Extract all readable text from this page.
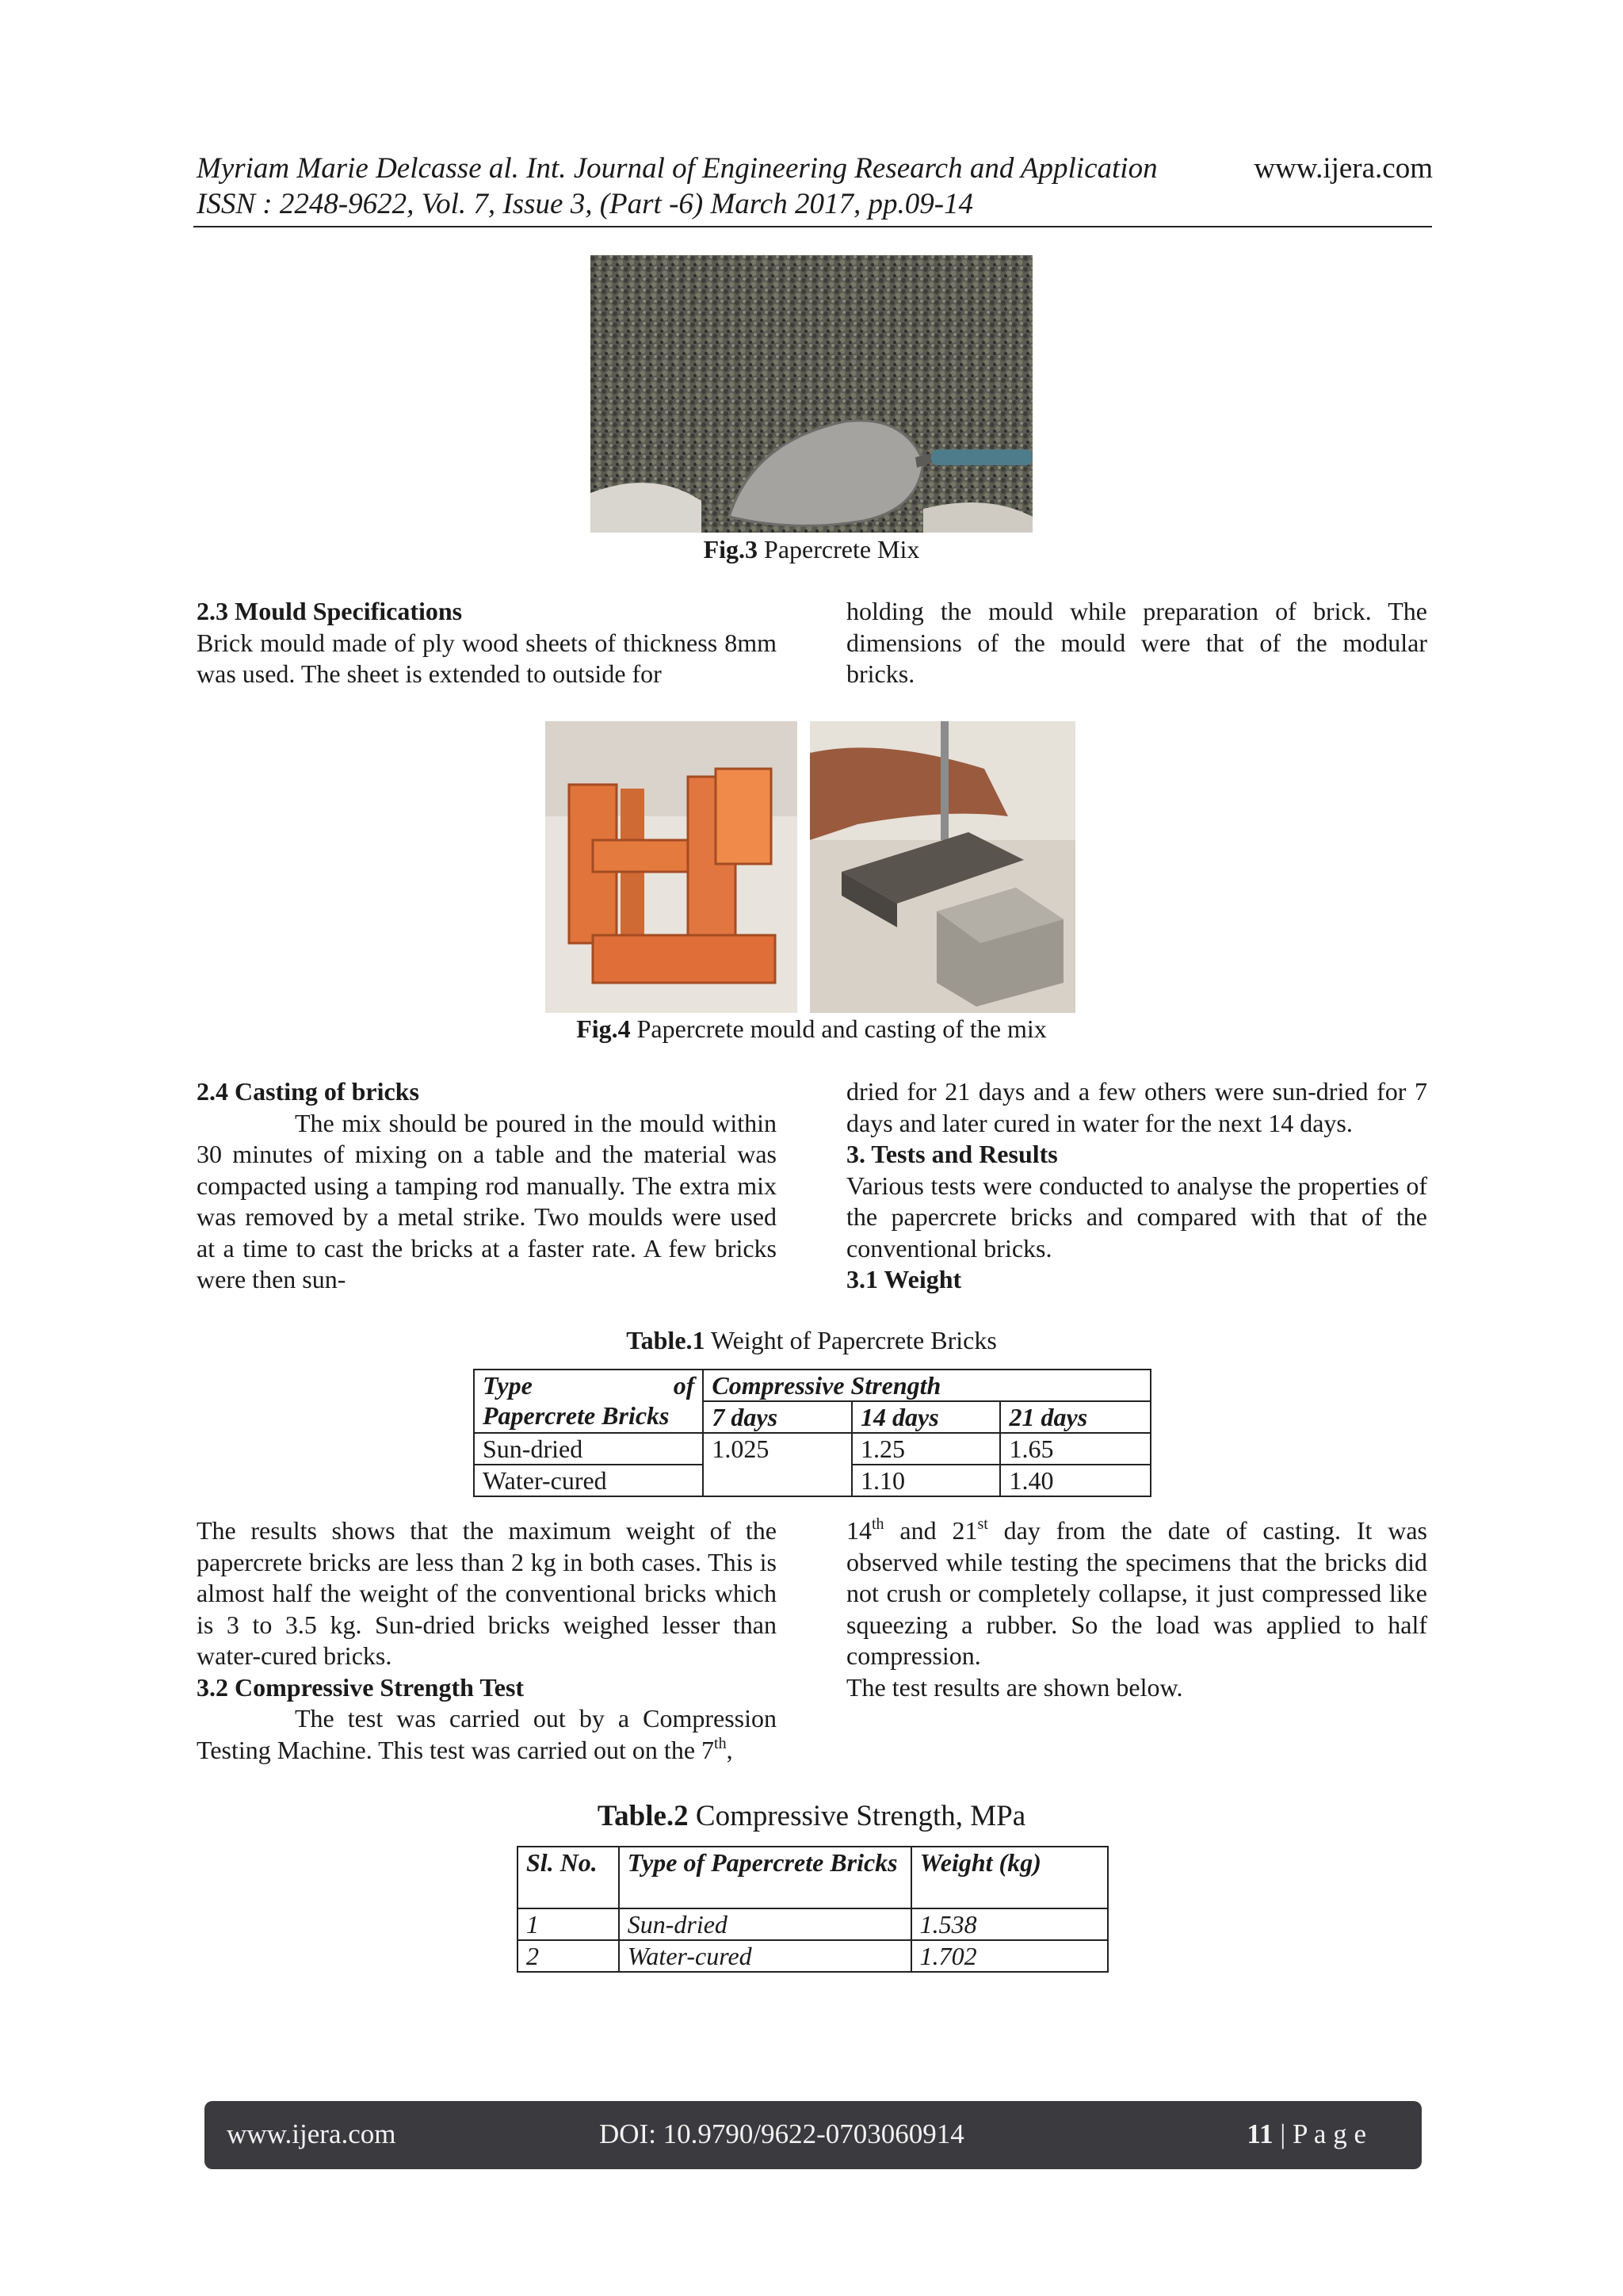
Myriam Marie Delcasse al. Int. Journal of Engineering Research and Application
ISSN : 2248-9622, Vol. 7, Issue 3, (Part -6) March 2017, pp.09-14
www.ijera.com
Fig.3 Papercrete Mix

2.3 Mould Specifications

Brick mould made of ply wood sheets of thickness 8mm was used. The sheet is extended to outside for

holding the mould while preparation of brick. The dimensions of the mould were that of the modular bricks.

Fig.4 Papercrete mould and casting of the mix

2.4 Casting of bricks

The mix should be poured in the mould within 30 minutes of mixing on a table and the material was compacted using a tamping rod manually. The extra mix was removed by a metal strike. Two moulds were used at a time to cast the bricks at a faster rate. A few bricks were then sun-

dried for 21 days and a few others were sun-dried for 7 days and later cured in water for the next 14 days.

3. Tests and Results

Various tests were conducted to analyse the properties of the papercrete bricks and compared with that of the conventional bricks.

3.1 Weight

Table.1 Weight of Papercrete Bricks
Type of
Papercrete Bricks	Compressive Strength		
	7 days	14 days	21 days
Sun-dried	1.025	1.25	1.65
Water-cured		1.10	1.40

The results shows that the maximum weight of the papercrete bricks are less than 2 kg in both cases. This is almost half the weight of the conventional bricks which is 3 to 3.5 kg. Sun-dried bricks weighed lesser than water-cured bricks.

3.2 Compressive Strength Test

The test was carried out by a Compression Testing Machine. This test was carried out on the 7th,

14th and 21st day from the date of casting. It was observed while testing the specimens that the bricks did not crush or completely collapse, it just compressed like squeezing a rubber. So the load was applied to half compression.

The test results are shown below.

Table.2 Compressive Strength, MPa
Sl. No.	Type of Papercrete Bricks	Weight (kg)
1	Sun-dried	1.538
2	Water-cured	1.702
www.ijera.com	DOI: 10.9790/9622-0703060914	11 | P a g e
